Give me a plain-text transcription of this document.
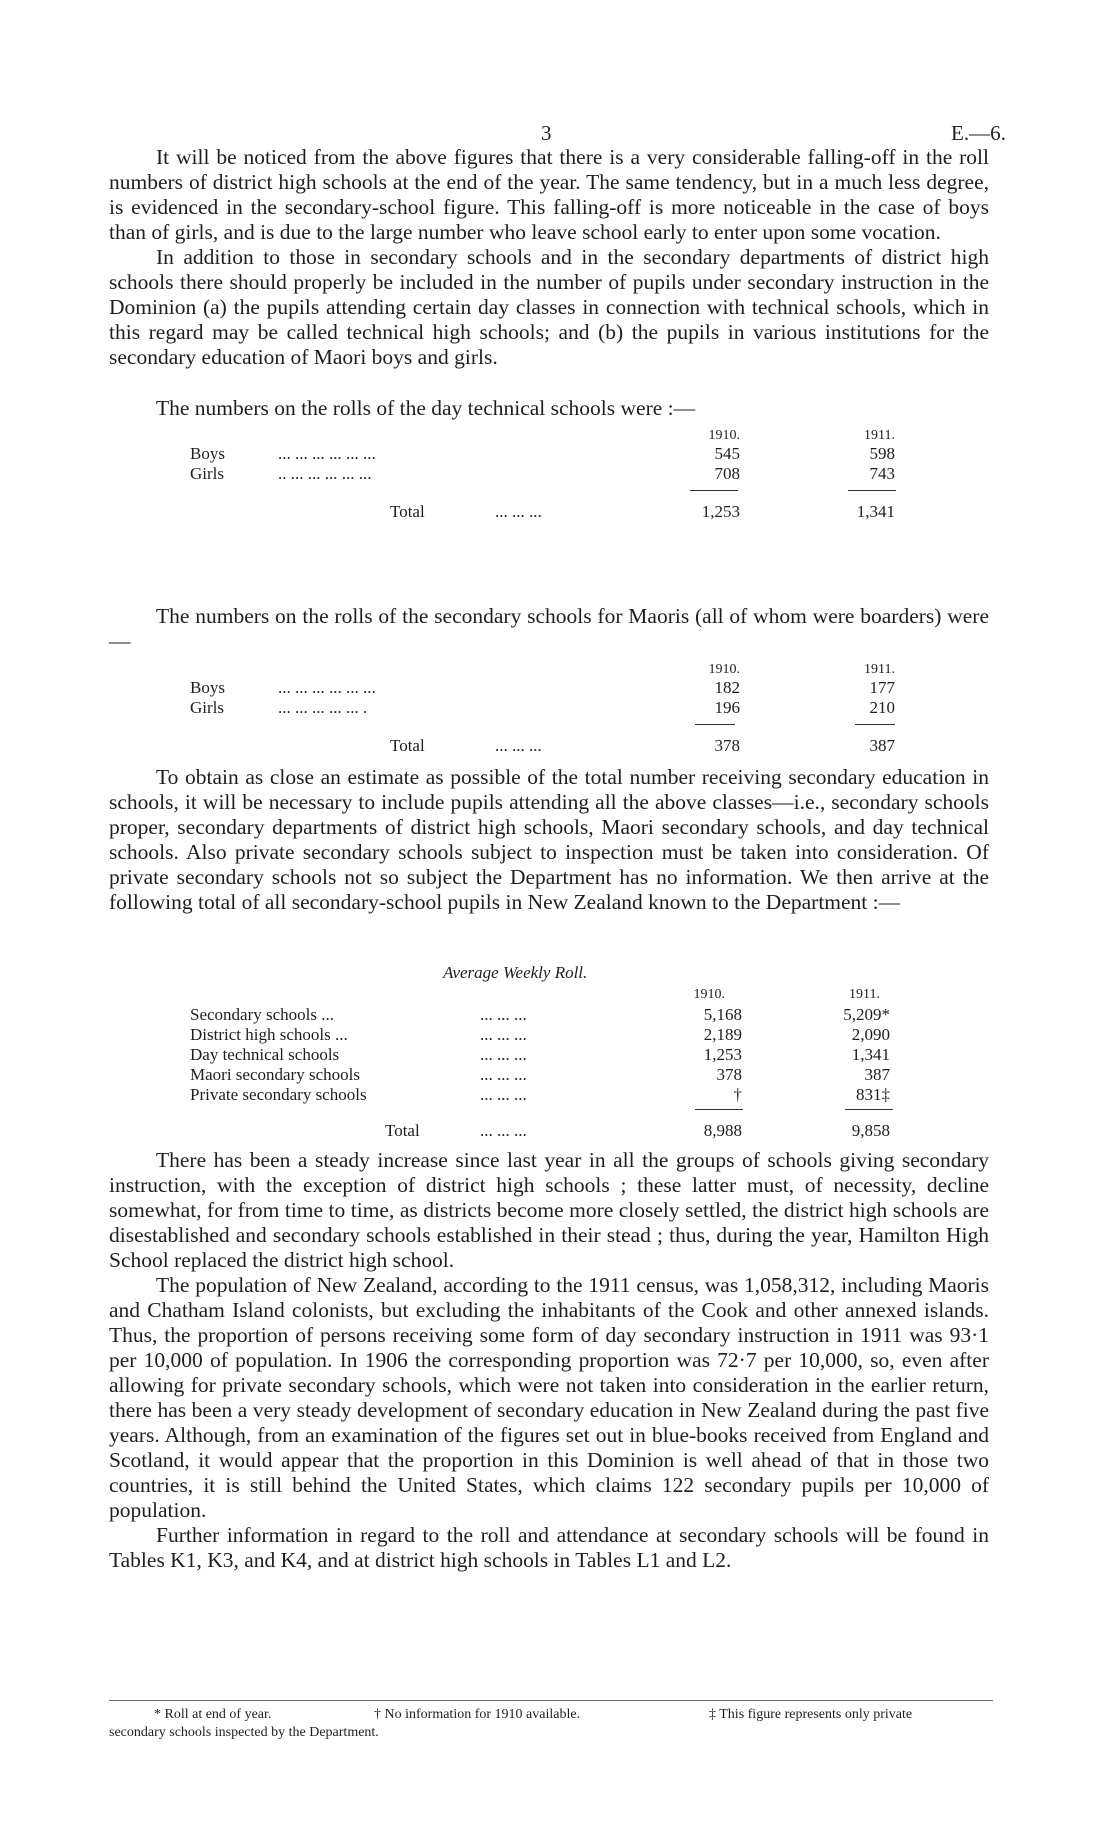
3	E.—6.

It will be noticed from the above figures that there is a very considerable falling-off in the roll numbers of district high schools at the end of the year. The same tendency, but in a much less degree, is evidenced in the secondary-school figure. This falling-off is more noticeable in the case of boys than of girls, and is due to the large number who leave school early to enter upon some vocation.

In addition to those in secondary schools and in the secondary departments of district high schools there should properly be included in the number of pupils under secondary instruction in the Dominion (a) the pupils attending certain day classes in connection with technical schools, which in this regard may be called technical high schools; and (b) the pupils in various institutions for the secondary education of Maori boys and girls.

The numbers on the rolls of the day technical schools were :—
1910.	1911.
Boys	... ... ... ... ... ...	545	598
Girls	.. ... ... ... ... ...	708	743
Total	... ... ...	1,253	1,341

The numbers on the rolls of the secondary schools for Maoris (all of whom were boarders) were—

1910.	1911.
Boys	... ... ... ... ... ...	182	177
Girls	... ... ... ... ... .	196	210
Total	... ... ...	378	387

To obtain as close an estimate as possible of the total number receiving secondary education in schools, it will be necessary to include pupils attending all the above classes—i.e., secondary schools proper, secondary departments of district high schools, Maori secondary schools, and day technical schools. Also private secondary schools subject to inspection must be taken into consideration. Of private secondary schools not so subject the Department has no information. We then arrive at the following total of all secondary-school pupils in New Zealand known to the Department :—

Average Weekly Roll.
1910.	1911.
Secondary schools ...	... ... ...	5,168	5,209*
District high schools ...	... ... ...	2,189	2,090
Day technical schools	... ... ...	1,253	1,341
Maori secondary schools	... ... ...	378	387
Private secondary schools	... ... ...	†	831‡
Total	... ... ...	8,988	9,858

There has been a steady increase since last year in all the groups of schools giving secondary instruction, with the exception of district high schools ; these latter must, of necessity, decline somewhat, for from time to time, as districts become more closely settled, the district high schools are disestablished and secondary schools established in their stead ; thus, during the year, Hamilton High School replaced the district high school.

The population of New Zealand, according to the 1911 census, was 1,058,312, including Maoris and Chatham Island colonists, but excluding the inhabitants of the Cook and other annexed islands. Thus, the proportion of persons receiving some form of day secondary instruction in 1911 was 93·1 per 10,000 of population. In 1906 the corresponding proportion was 72·7 per 10,000, so, even after allowing for private secondary schools, which were not taken into consideration in the earlier return, there has been a very steady development of secondary education in New Zealand during the past five years. Although, from an examination of the figures set out in blue-books received from England and Scotland, it would appear that the proportion in this Dominion is well ahead of that in those two countries, it is still behind the United States, which claims 122 secondary pupils per 10,000 of population.

Further information in regard to the roll and attendance at secondary schools will be found in Tables K1, K3, and K4, and at district high schools in Tables L1 and L2.

* Roll at end of year.	† No information for 1910 available.	‡ This figure represents only private
secondary schools inspected by the Department.
